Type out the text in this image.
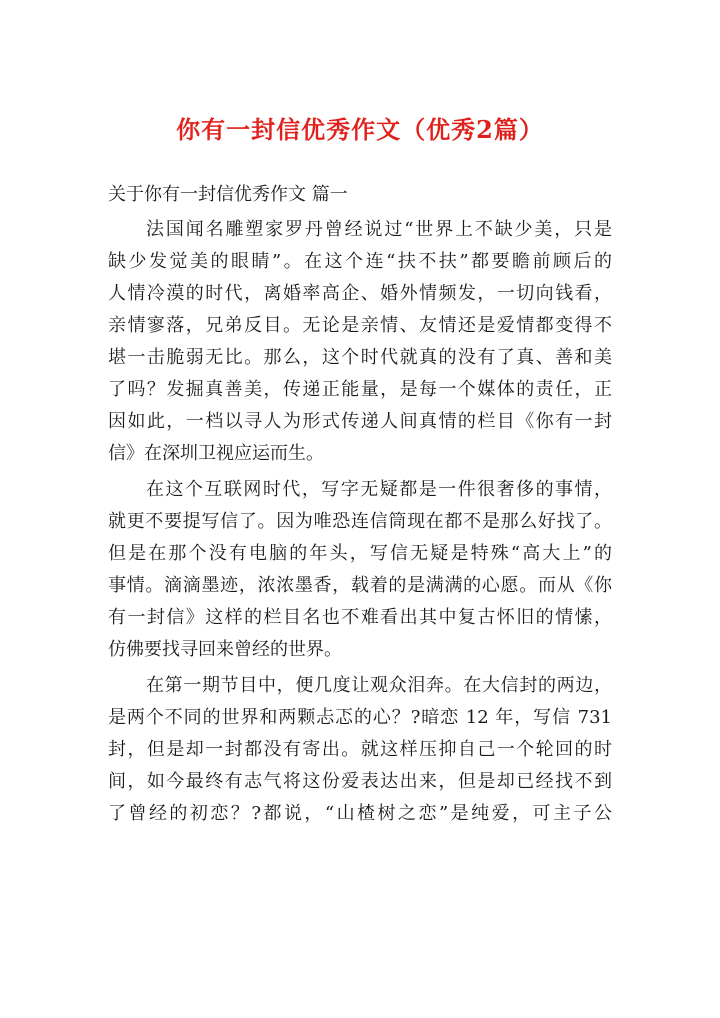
你有一封信优秀作文（优秀2篇）
关于你有一封信优秀作文 篇一
法国闻名雕塑家罗丹曾经说过“世界上不缺少美，只是
缺少发觉美的眼睛”。在这个连“扶不扶”都要瞻前顾后的
人情冷漠的时代，离婚率高企、婚外情频发，一切向钱看，
亲情寥落，兄弟反目。无论是亲情、友情还是爱情都变得不
堪一击脆弱无比。那么，这个时代就真的没有了真、善和美
了吗？发掘真善美，传递正能量，是每一个媒体的责任，正
因如此，一档以寻人为形式传递人间真情的栏目《你有一封
信》在深圳卫视应运而生。
在这个互联网时代，写字无疑都是一件很奢侈的事情，
就更不要提写信了。因为唯恐连信筒现在都不是那么好找了。
但是在那个没有电脑的年头，写信无疑是特殊“高大上”的
事情。滴滴墨迹，浓浓墨香，载着的是满满的心愿。而从《你
有一封信》这样的栏目名也不难看出其中复古怀旧的情愫，
仿佛要找寻回来曾经的世界。
在第一期节目中，便几度让观众泪奔。在大信封的两边，
是两个不同的世界和两颗忐忑的心？?暗恋 12 年，写信 731
封，但是却一封都没有寄出。就这样压抑自己一个轮回的时
间，如今最终有志气将这份爱表达出来，但是却已经找不到
了曾经的初恋？?都说，“山楂树之恋”是纯爱，可主子公
